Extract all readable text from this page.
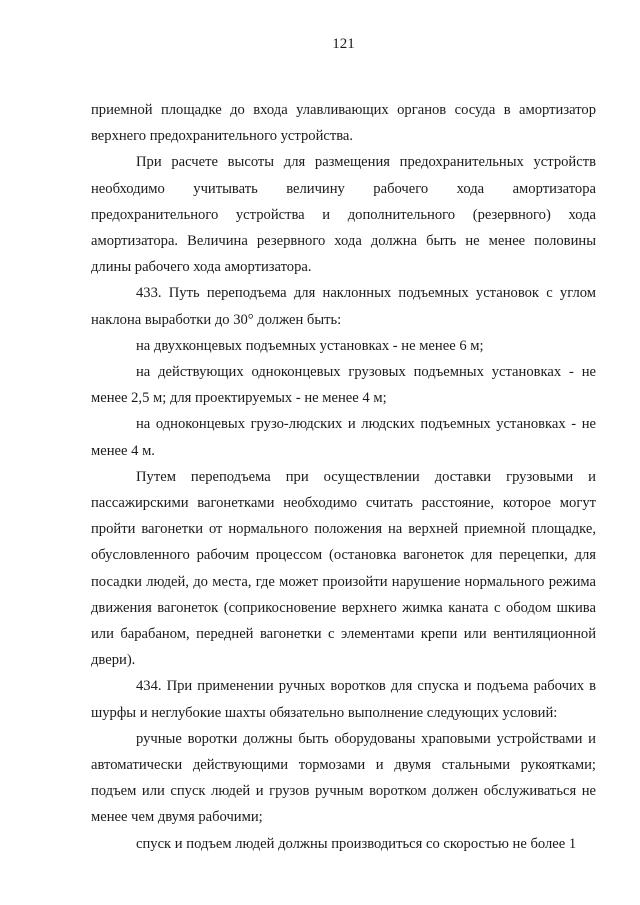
121

приемной площадке до входа улавливающих органов сосуда в амортизатор верхнего предохранительного устройства.

При расчете высоты для размещения предохранительных устройств необходимо учитывать величину рабочего хода амортизатора предохранительного устройства и дополнительного (резервного) хода амортизатора. Величина резервного хода должна быть не менее половины длины рабочего хода амортизатора.

433. Путь переподъема для наклонных подъемных установок с углом наклона выработки до 30° должен быть:

на двухконцевых подъемных установках - не менее 6 м;

на действующих одноконцевых грузовых подъемных установках - не менее 2,5 м; для проектируемых - не менее 4 м;

на одноконцевых грузо-людских и людских подъемных установках - не менее 4 м.

Путем переподъема при осуществлении доставки грузовыми и пассажирскими вагонетками необходимо считать расстояние, которое могут пройти вагонетки от нормального положения на верхней приемной площадке, обусловленного рабочим процессом (остановка вагонеток для перецепки, для посадки людей, до места, где может произойти нарушение нормального режима движения вагонеток (соприкосновение верхнего жимка каната с ободом шкива или барабаном, передней вагонетки с элементами крепи или вентиляционной двери).

434. При применении ручных воротков для спуска и подъема рабочих в шурфы и неглубокие шахты обязательно выполнение следующих условий:

ручные воротки должны быть оборудованы храповыми устройствами и автоматически действующими тормозами и двумя стальными рукоятками; подъем или спуск людей и грузов ручным воротком должен обслуживаться не менее чем двумя рабочими;

спуск и подъем людей должны производиться со скоростью не более 1
